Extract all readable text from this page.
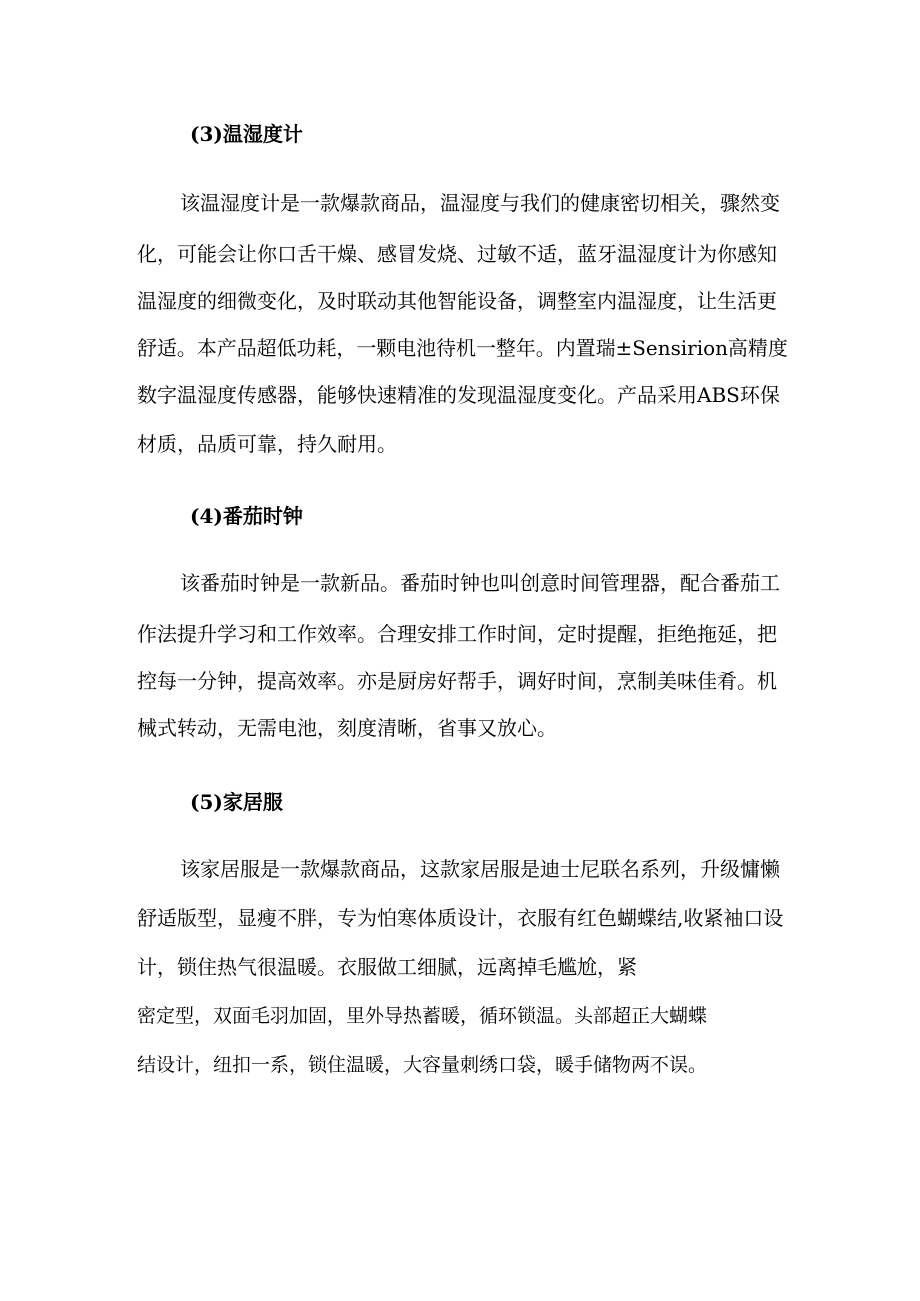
(3)温湿度计
该温湿度计是一款爆款商品，温湿度与我们的健康密切相关，骤然变
化，可能会让你口舌干燥、感冒发烧、过敏不适，蓝牙温湿度计为你感知
温湿度的细微变化，及时联动其他智能设备，调整室内温湿度，让生活更
舒适。本产品超低功耗，一颗电池待机一整年。内置瑞±Sensirion高精度
数字温湿度传感器，能够快速精准的发现温湿度变化。产品采用ABS环保
材质，品质可靠，持久耐用。
(4)番茄时钟
该番茄时钟是一款新品。番茄时钟也叫创意时间管理器，配合番茄工
作法提升学习和工作效率。合理安排工作时间，定时提醒，拒绝拖延，把
控每一分钟，提高效率。亦是厨房好帮手，调好时间，烹制美味佳肴。机
械式转动，无需电池，刻度清晰，省事又放心。
(5)家居服
该家居服是一款爆款商品，这款家居服是迪士尼联名系列，升级慵懒
舒适版型，显瘦不胖，专为怕寒体质设计，衣服有红色蝴蝶结,收紧袖口设
计，锁住热气很温暖。衣服做工细腻，远离掉毛尴尬，紧
密定型，双面毛羽加固，里外导热蓄暖，循环锁温。头部超正大蝴蝶
结设计，纽扣一系，锁住温暖，大容量刺绣口袋，暖手储物两不误。
